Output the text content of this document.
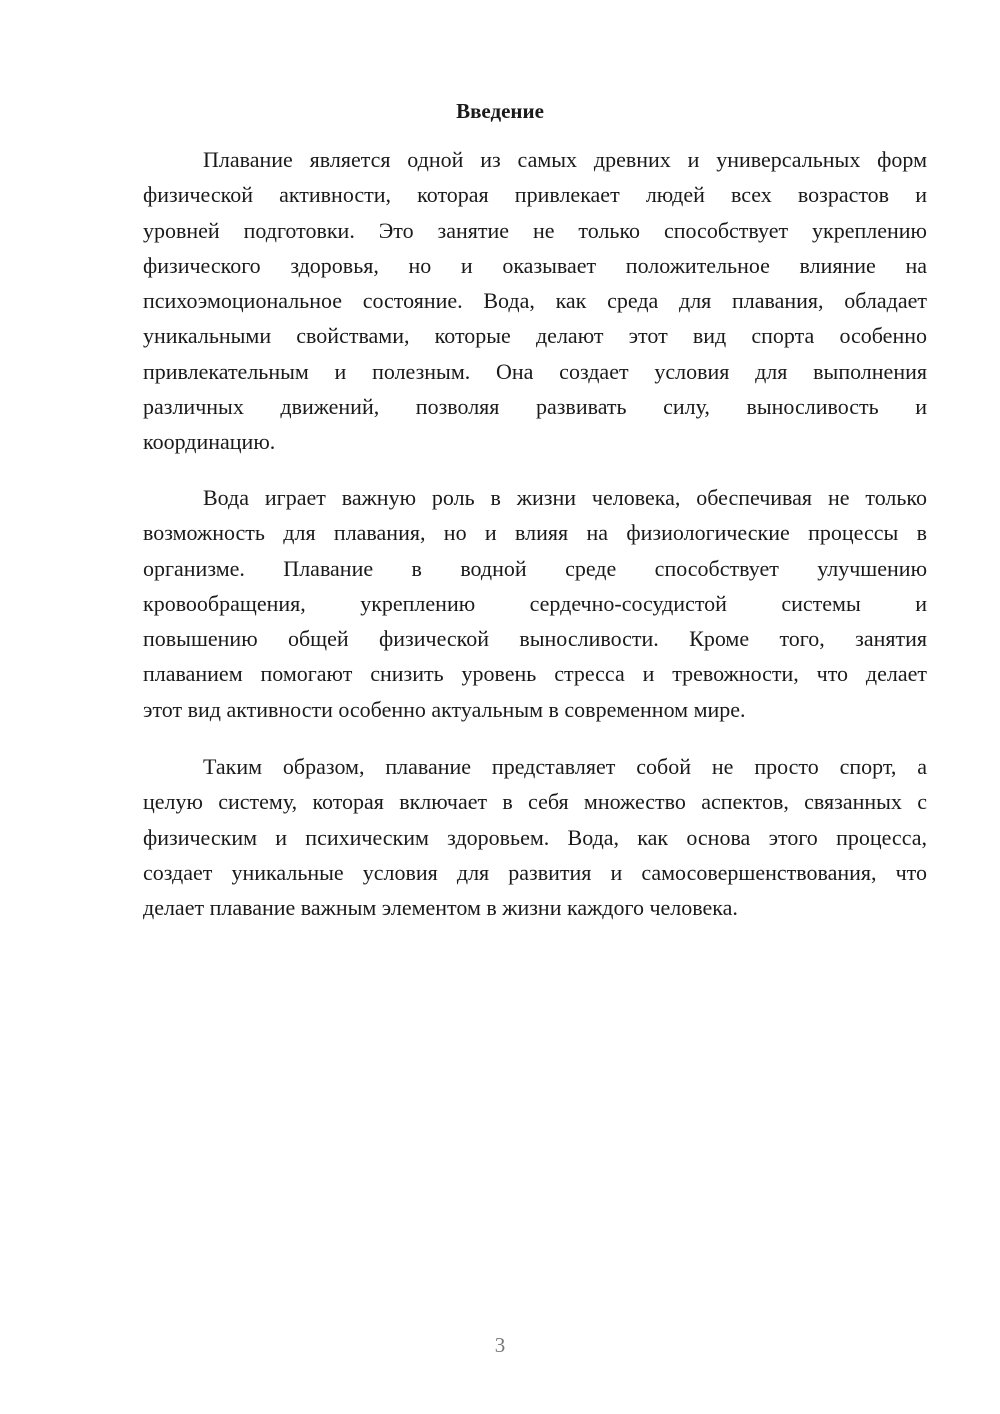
Введение
Плавание является одной из самых древних и универсальных форм
физической активности, которая привлекает людей всех возрастов и
уровней подготовки. Это занятие не только способствует укреплению
физического здоровья, но и оказывает положительное влияние на
психоэмоциональное состояние. Вода, как среда для плавания, обладает
уникальными свойствами, которые делают этот вид спорта особенно
привлекательным и полезным. Она создает условия для выполнения
различных движений, позволяя развивать силу, выносливость и
координацию.
Вода играет важную роль в жизни человека, обеспечивая не только
возможность для плавания, но и влияя на физиологические процессы в
организме. Плавание в водной среде способствует улучшению
кровообращения, укреплению сердечно-сосудистой системы и
повышению общей физической выносливости. Кроме того, занятия
плаванием помогают снизить уровень стресса и тревожности, что делает
этот вид активности особенно актуальным в современном мире.
Таким образом, плавание представляет собой не просто спорт, а
целую систему, которая включает в себя множество аспектов, связанных с
физическим и психическим здоровьем. Вода, как основа этого процесса,
создает уникальные условия для развития и самосовершенствования, что
делает плавание важным элементом в жизни каждого человека.
3
